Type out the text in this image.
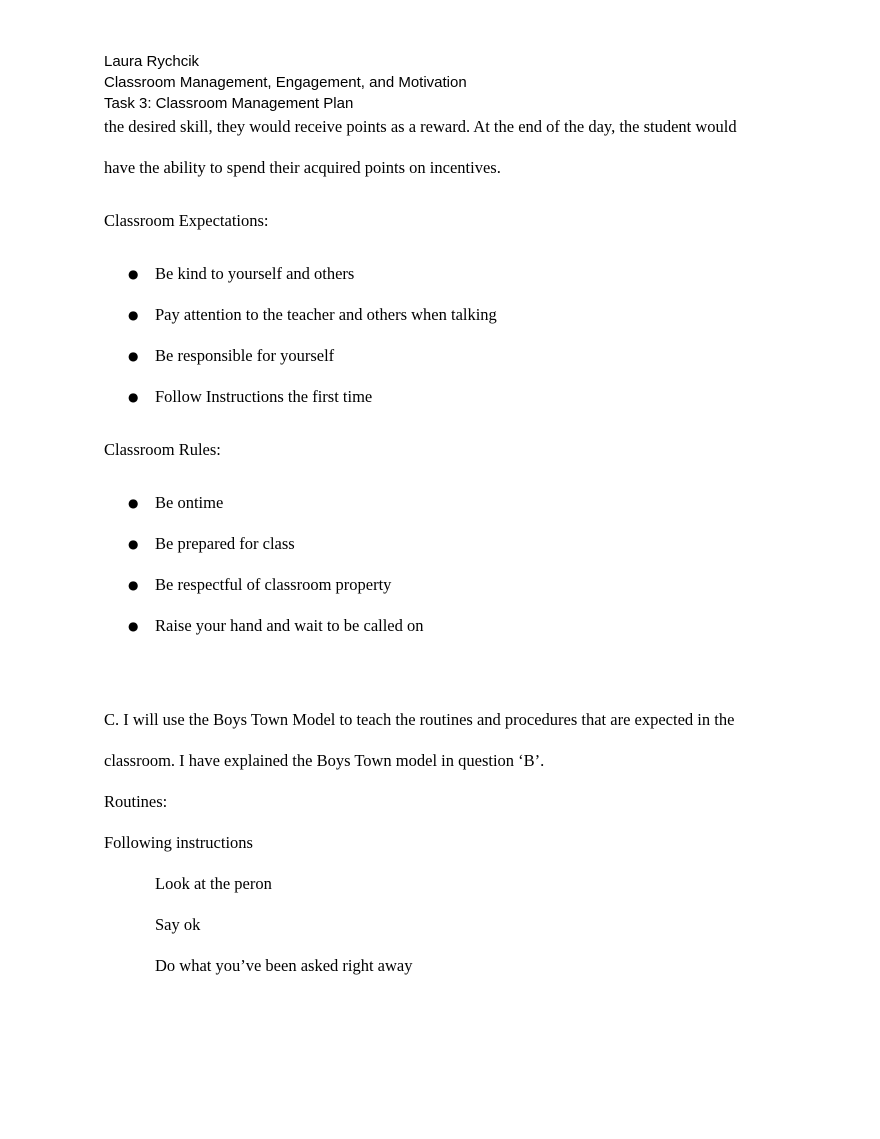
Laura Rychcik
Classroom Management, Engagement, and Motivation
Task 3: Classroom Management Plan
the desired skill, they would receive points as a reward. At the end of the day, the student would
have the ability to spend their acquired points on incentives.
Classroom Expectations:
● Be kind to yourself and others
● Pay attention to the teacher and others when talking
● Be responsible for yourself
● Follow Instructions the first time
Classroom Rules:
● Be ontime
● Be prepared for class
● Be respectful of classroom property
● Raise your hand and wait to be called on
C. I will use the Boys Town Model to teach the routines and procedures that are expected in the
classroom. I have explained the Boys Town model in question ‘B’.
Routines:
Following instructions
Look at the peron
Say ok
Do what you’ve been asked right away
